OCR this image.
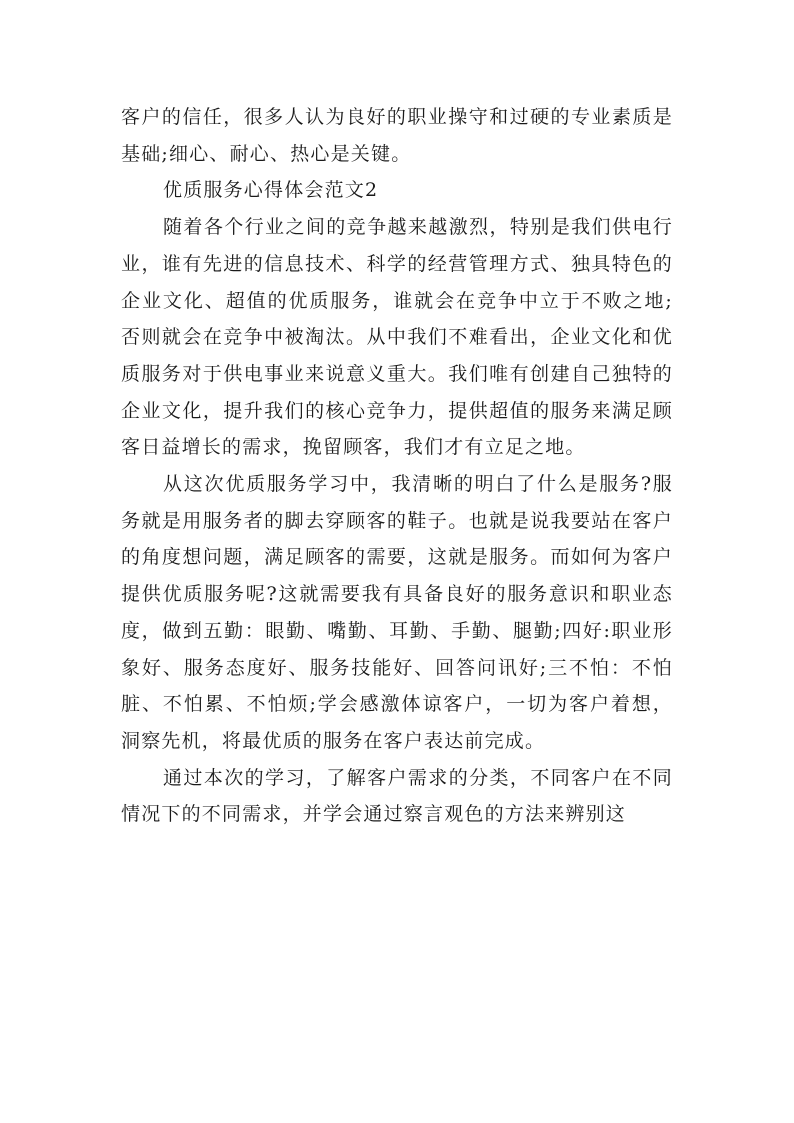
客户的信任，很多人认为良好的职业操守和过硬的专业素质是基础;细心、耐心、热心是关键。

优质服务心得体会范文2

随着各个行业之间的竞争越来越激烈，特别是我们供电行业，谁有先进的信息技术、科学的经营管理方式、独具特色的企业文化、超值的优质服务，谁就会在竞争中立于不败之地;否则就会在竞争中被淘汰。从中我们不难看出，企业文化和优质服务对于供电事业来说意义重大。我们唯有创建自己独特的企业文化，提升我们的核心竞争力，提供超值的服务来满足顾客日益增长的需求，挽留顾客，我们才有立足之地。

从这次优质服务学习中，我清晰的明白了什么是服务?服务就是用服务者的脚去穿顾客的鞋子。也就是说我要站在客户的角度想问题，满足顾客的需要，这就是服务。而如何为客户提供优质服务呢?这就需要我有具备良好的服务意识和职业态度，做到五勤：眼勤、嘴勤、耳勤、手勤、腿勤;四好:职业形象好、服务态度好、服务技能好、回答问讯好;三不怕：不怕脏、不怕累、不怕烦;学会感激体谅客户，一切为客户着想，洞察先机，将最优质的服务在客户表达前完成。

通过本次的学习，了解客户需求的分类，不同客户在不同情况下的不同需求，并学会通过察言观色的方法来辨别这
